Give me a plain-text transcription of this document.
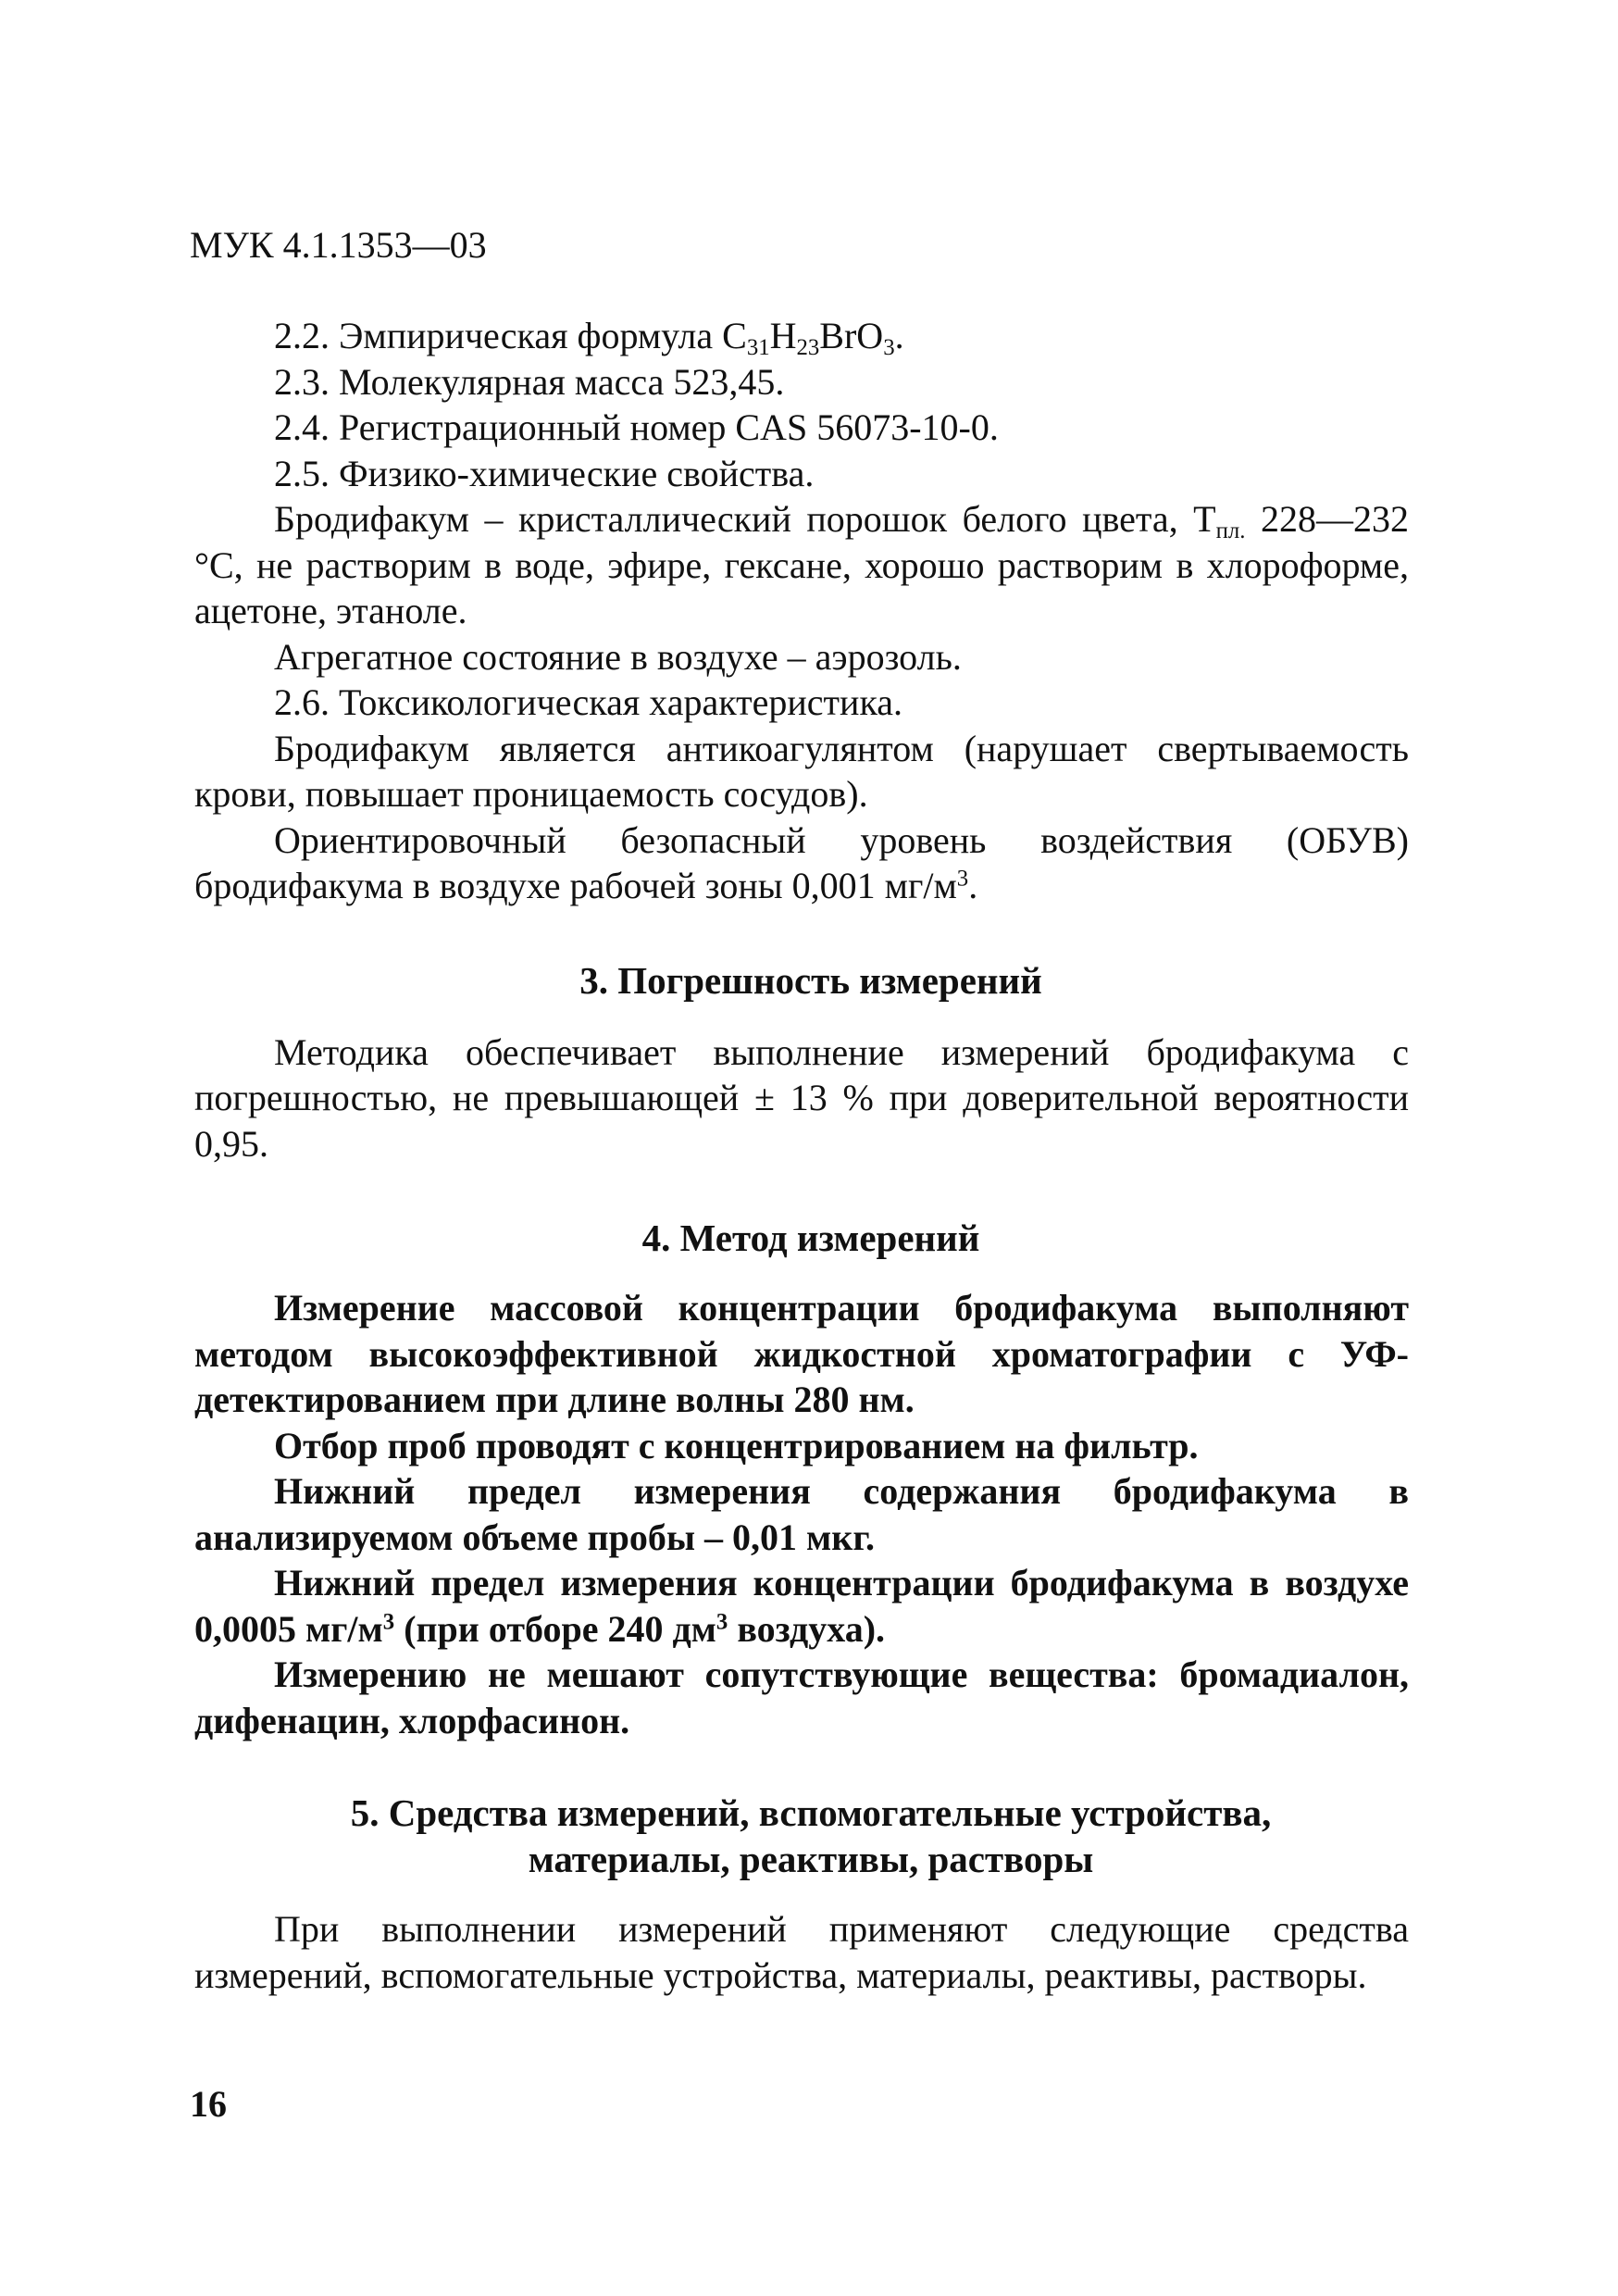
МУК 4.1.1353—03

2.2. Эмпирическая формула $C_{31}H_{23}BrO_3$.

2.3. Молекулярная масса 523,45.

2.4. Регистрационный номер CAS 56073-10-0.

2.5. Физико-химические свойства.

Бродифакум – кристаллический порошок белого цвета, $Т_{пл.}$ 228—232 °С, не растворим в воде, эфире, гексане, хорошо растворим в хлороформе, ацетоне, этаноле.

Агрегатное состояние в воздухе – аэрозоль.

2.6. Токсикологическая характеристика.

Бродифакум является антикоагулянтом (нарушает свертываемость крови, повышает проницаемость сосудов).

Ориентировочный безопасный уровень воздействия (ОБУВ) бродифакума в воздухе рабочей зоны 0,001 $мг/м^3$.

3. Погрешность измерений

Методика обеспечивает выполнение измерений бродифакума с погрешностью, не превышающей ± 13 % при доверительной вероятности 0,95.

4. Метод измерений

Измерение массовой концентрации бродифакума выполняют методом высокоэффективной жидкостной хроматографии с УФ-детектированием при длине волны 280 нм.

Отбор проб проводят с концентрированием на фильтр.

Нижний предел измерения содержания бродифакума в анализируемом объеме пробы – 0,01 мкг.

Нижний предел измерения концентрации бродифакума в воздухе 0,0005 $мг/м^3$ (при отборе 240 $дм^3$ воздуха).

Измерению не мешают сопутствующие вещества: бромадиалон, дифенацин, хлорфасинон.

5. Средства измерений, вспомогательные устройства,
материалы, реактивы, растворы

При выполнении измерений применяют следующие средства измерений, вспомогательные устройства, материалы, реактивы, растворы.

16
